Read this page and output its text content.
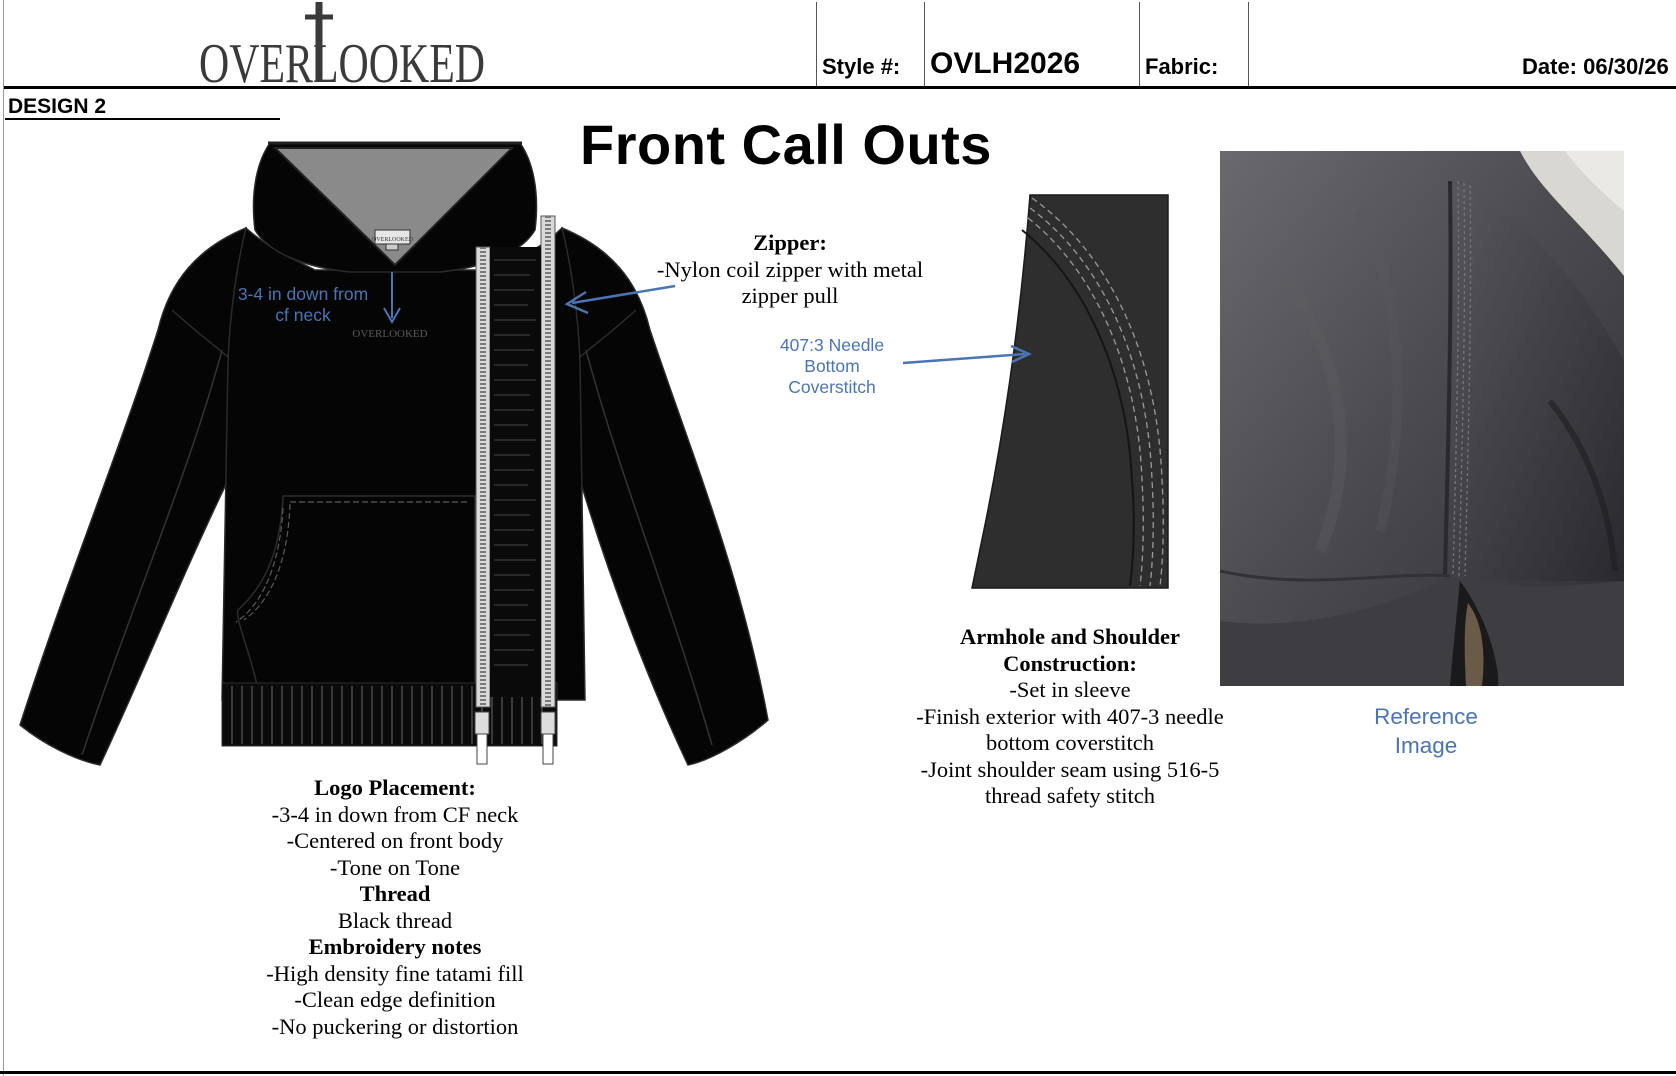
OVERLOOKED	Style #: OVLH2026	Fabric:	Date: 06/30/26
DESIGN 2
Front Call Outs
OVERLOOKED
OVERLOOKED
3-4 in down from
cf neck
Zipper:
-Nylon coil zipper with metal
zipper pull
407:3 Needle
Bottom
Coverstitch
Armhole and Shoulder
Construction:
-Set in sleeve
-Finish exterior with 407-3 needle
bottom coverstitch
-Joint shoulder seam using 516-5
thread safety stitch
Reference
Image
Logo Placement:
-3-4 in down from CF neck
-Centered on front body
-Tone on Tone
Thread
Black thread
Embroidery notes
-High density fine tatami fill
-Clean edge definition
-No puckering or distortion
